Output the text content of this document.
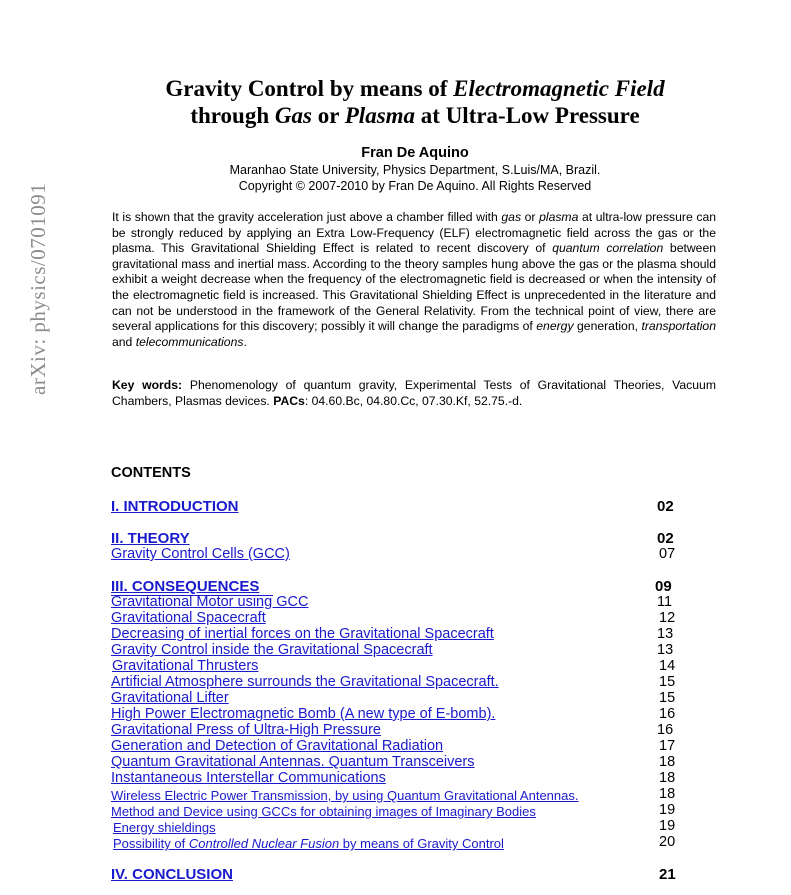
arXiv: physics/0701091
Gravity Control by means of Electromagnetic Field
through Gas or Plasma at Ultra-Low Pressure
Fran De Aquino
Maranhao State University, Physics Department, S.Luis/MA, Brazil.
Copyright © 2007-2010 by Fran De Aquino. All Rights Reserved
It is shown that the gravity acceleration just above a chamber filled with gas or plasma at ultra-low pressure can be strongly reduced by applying an Extra Low-Frequency (ELF) electromagnetic field across the gas or the plasma. This Gravitational Shielding Effect is related to recent discovery of quantum correlation between gravitational mass and inertial mass. According to the theory samples hung above the gas or the plasma should exhibit a weight decrease when the frequency of the electromagnetic field is decreased or when the intensity of the electromagnetic field is increased. This Gravitational Shielding Effect is unprecedented in the literature and can not be understood in the framework of the General Relativity. From the technical point of view, there are several applications for this discovery; possibly it will change the paradigms of energy generation, transportation and telecommunications.
Key words: Phenomenology of quantum gravity, Experimental Tests of Gravitational Theories, Vacuum Chambers, Plasmas devices. PACs: 04.60.Bc, 04.80.Cc, 07.30.Kf, 52.75.-d.
CONTENTS
I. INTRODUCTION	02
II. THEORY	02
Gravity Control Cells (GCC)	07
III. CONSEQUENCES	09
Gravitational Motor using GCC	11
Gravitational Spacecraft	12
Decreasing of inertial forces on the Gravitational Spacecraft	13
Gravity Control inside the Gravitational Spacecraft	13
Gravitational Thrusters	14
Artificial Atmosphere surrounds the Gravitational Spacecraft.	15
Gravitational Lifter	15
High Power Electromagnetic Bomb (A new type of E-bomb).	16
Gravitational Press of Ultra-High Pressure	16
Generation and Detection of Gravitational Radiation	17
Quantum Gravitational Antennas. Quantum Transceivers	18
Instantaneous Interstellar Communications	18
Wireless Electric Power Transmission, by using Quantum Gravitational Antennas.	18
Method and Device using GCCs for obtaining images of Imaginary Bodies	19
Energy shieldings	19
Possibility of Controlled Nuclear Fusion by means of Gravity Control	20
IV. CONCLUSION	21
